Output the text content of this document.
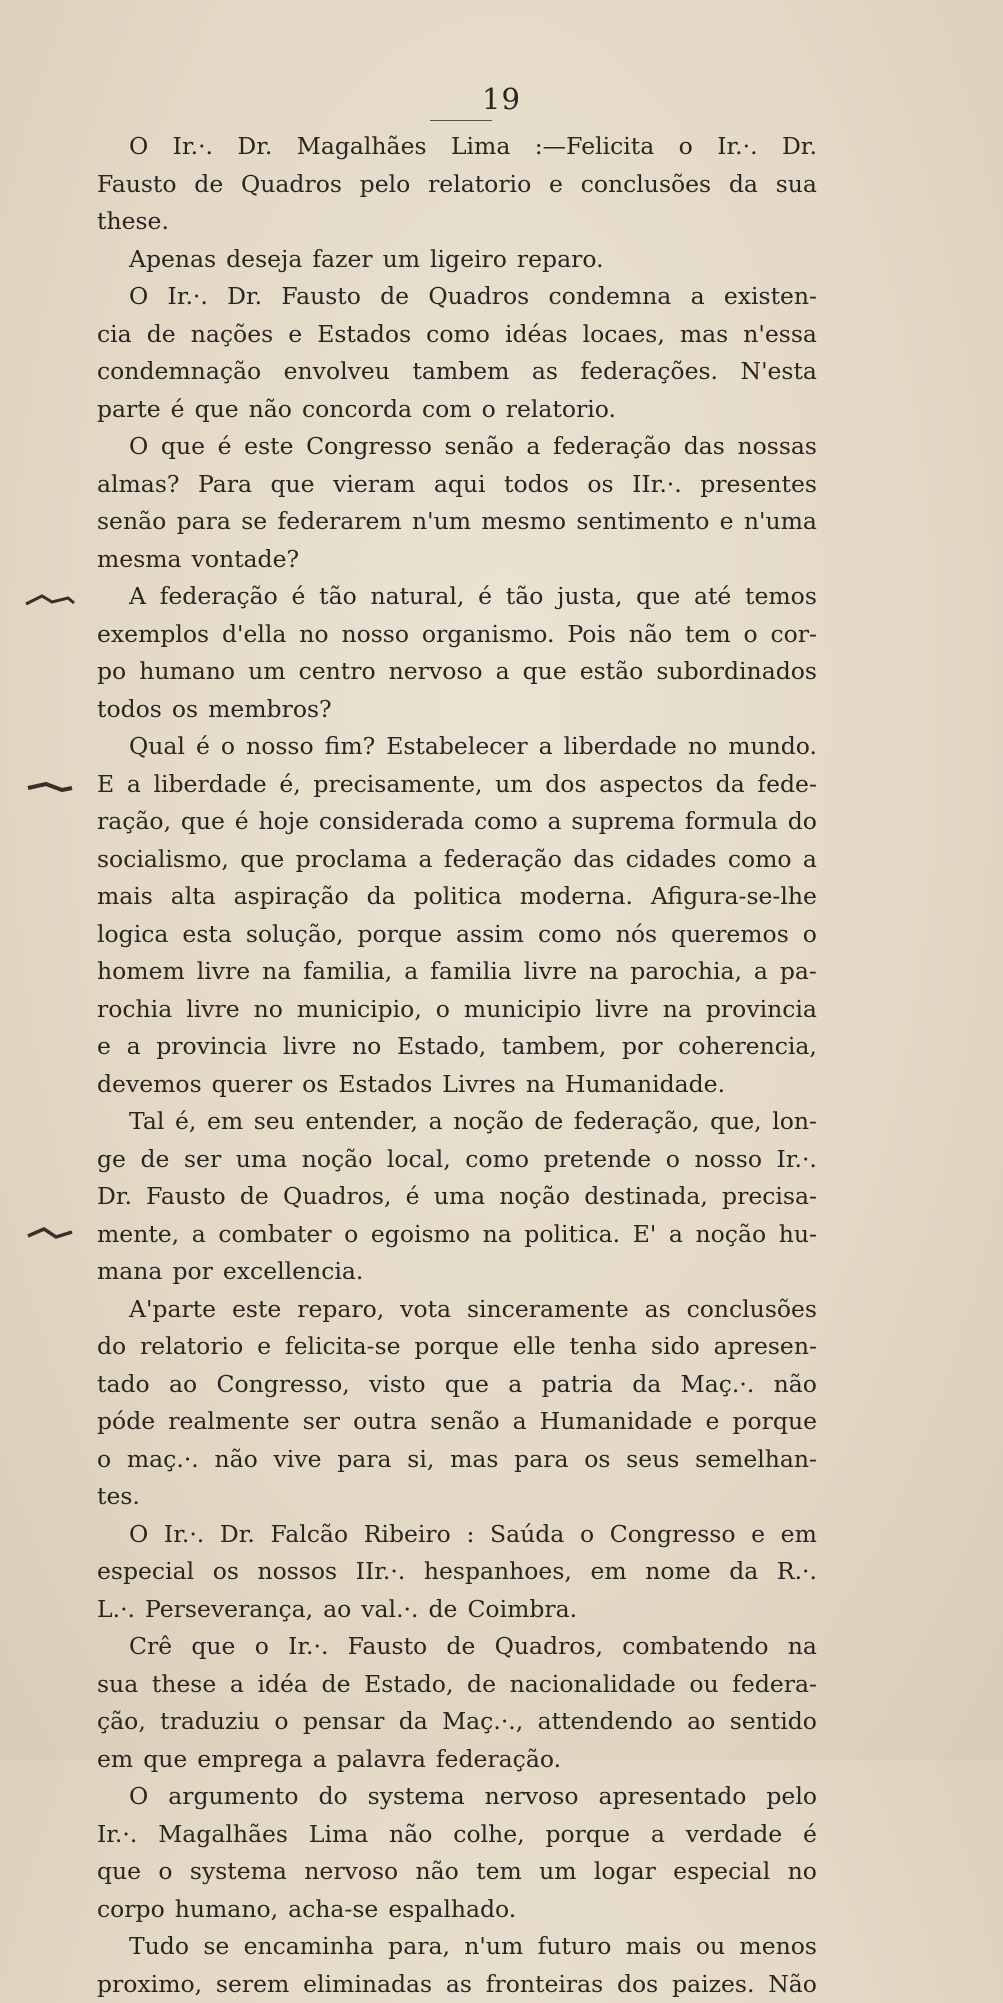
19
O Ir.·. Dr. Magalhães Lima :—Felicita o Ir.·. Dr.
Fausto de Quadros pelo relatorio e conclusões da sua
these.
Apenas deseja fazer um ligeiro reparo.
O Ir.·. Dr. Fausto de Quadros condemna a existen-
cia de nações e Estados como idéas locaes, mas n'essa
condemnação envolveu tambem as federações. N'esta
parte é que não concorda com o relatorio.
O que é este Congresso senão a federação das nossas
almas? Para que vieram aqui todos os IIr.·. presentes
senão para se federarem n'um mesmo sentimento e n'uma
mesma vontade?
A federação é tão natural, é tão justa, que até temos
exemplos d'ella no nosso organismo. Pois não tem o cor-
po humano um centro nervoso a que estão subordinados
todos os membros?
Qual é o nosso fim? Estabelecer a liberdade no mundo.
E a liberdade é, precisamente, um dos aspectos da fede-
ração, que é hoje considerada como a suprema formula do
socialismo, que proclama a federação das cidades como a
mais alta aspiração da politica moderna. Afigura-se-lhe
logica esta solução, porque assim como nós queremos o
homem livre na familia, a familia livre na parochia, a pa-
rochia livre no municipio, o municipio livre na provincia
e a provincia livre no Estado, tambem, por coherencia,
devemos querer os Estados Livres na Humanidade.
Tal é, em seu entender, a noção de federação, que, lon-
ge de ser uma noção local, como pretende o nosso Ir.·.
Dr. Fausto de Quadros, é uma noção destinada, precisa-
mente, a combater o egoismo na politica. E' a noção hu-
mana por excellencia.
A'parte este reparo, vota sinceramente as conclusões
do relatorio e felicita-se porque elle tenha sido apresen-
tado ao Congresso, visto que a patria da Maç.·. não
póde realmente ser outra senão a Humanidade e porque
o maç.·. não vive para si, mas para os seus semelhan-
tes.
O Ir.·. Dr. Falcão Ribeiro : Saúda o Congresso e em
especial os nossos IIr.·. hespanhoes, em nome da R.·.
L.·. Perseverança, ao val.·. de Coimbra.
Crê que o Ir.·. Fausto de Quadros, combatendo na
sua these a idéa de Estado, de nacionalidade ou federa-
ção, traduziu o pensar da Maç.·., attendendo ao sentido
em que emprega a palavra federação.
O argumento do systema nervoso apresentado pelo
Ir.·. Magalhães Lima não colhe, porque a verdade é
que o systema nervoso não tem um logar especial no
corpo humano, acha-se espalhado.
Tudo se encaminha para, n'um futuro mais ou menos
proximo, serem eliminadas as fronteiras dos paizes. Não
